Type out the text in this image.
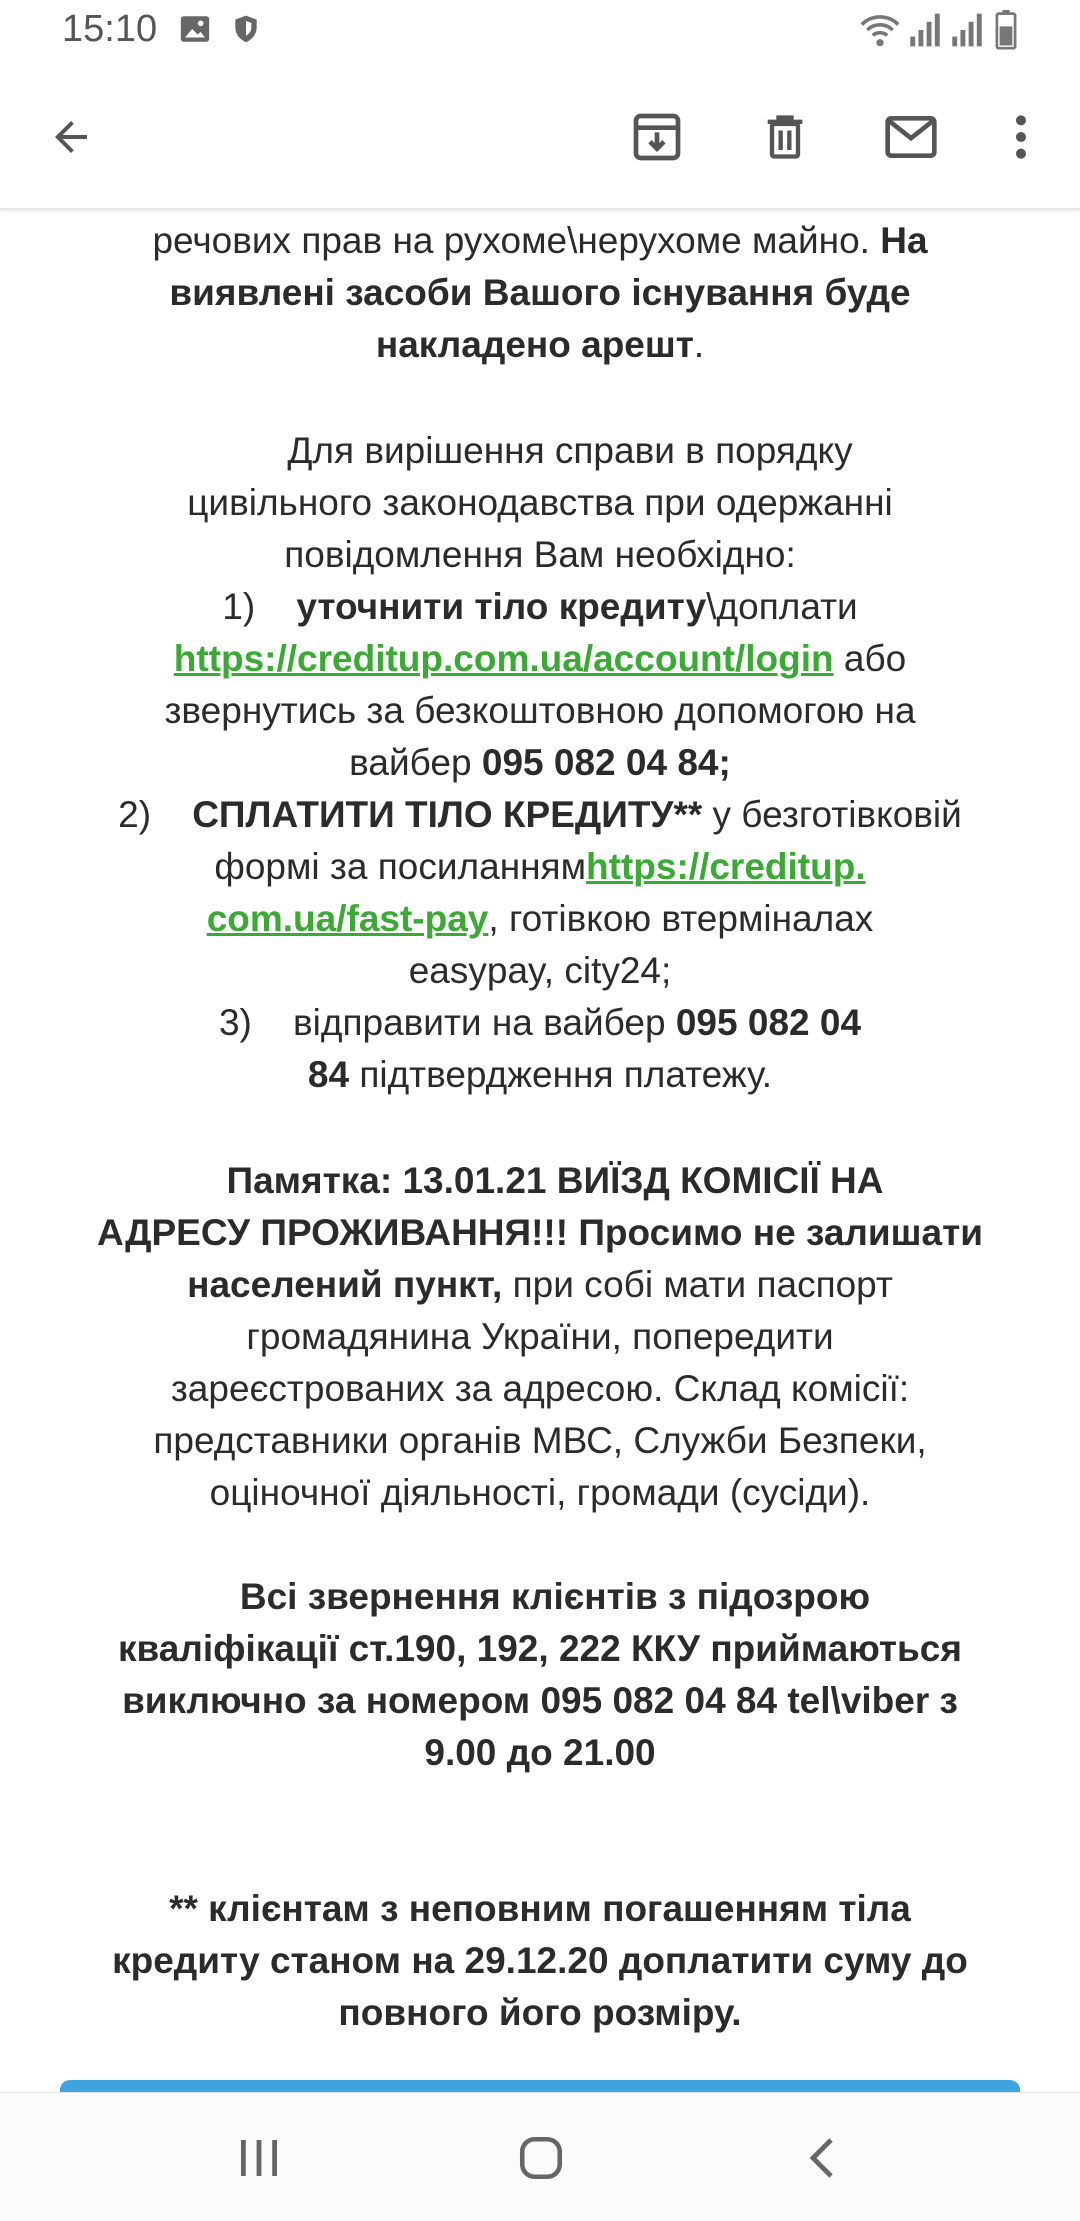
15:10
речових прав на рухоме\нерухоме майно. На
виявлені засоби Вашого існування буде
накладено арешт.
Для вирішення справи в порядку
цивільного законодавства при одержанні
повідомлення Вам необхідно:
1) уточнити тіло кредиту\доплати
https://creditup.com.ua/account/login або
звернутись за безкоштовною допомогою на
вайбер 095 082 04 84;
2) СПЛАТИТИ ТІЛО КРЕДИТУ** у безготівковій
формі за посиланнямhttps://creditup.
com.ua/fast-pay, готівкою втерміналах
easypay, city24;
3) відправити на вайбер 095 082 04
84 підтвердження платежу.
Памятка: 13.01.21 ВИЇЗД КОМІСІЇ НА
АДРЕСУ ПРОЖИВАННЯ!!! Просимо не залишати
населений пункт, при собі мати паспорт
громадянина України, попередити
зареєстрованих за адресою. Склад комісії:
представники органів МВС, Служби Безпеки,
оціночної діяльності, громади (сусіди).
Всі звернення клієнтів з підозрою
кваліфікації ст.190, 192, 222 ККУ приймаються
виключно за номером 095 082 04 84 tel\viber з
9.00 до 21.00
** клієнтам з неповним погашенням тіла
кредиту станом на 29.12.20 доплатити суму до
повного його розміру.
